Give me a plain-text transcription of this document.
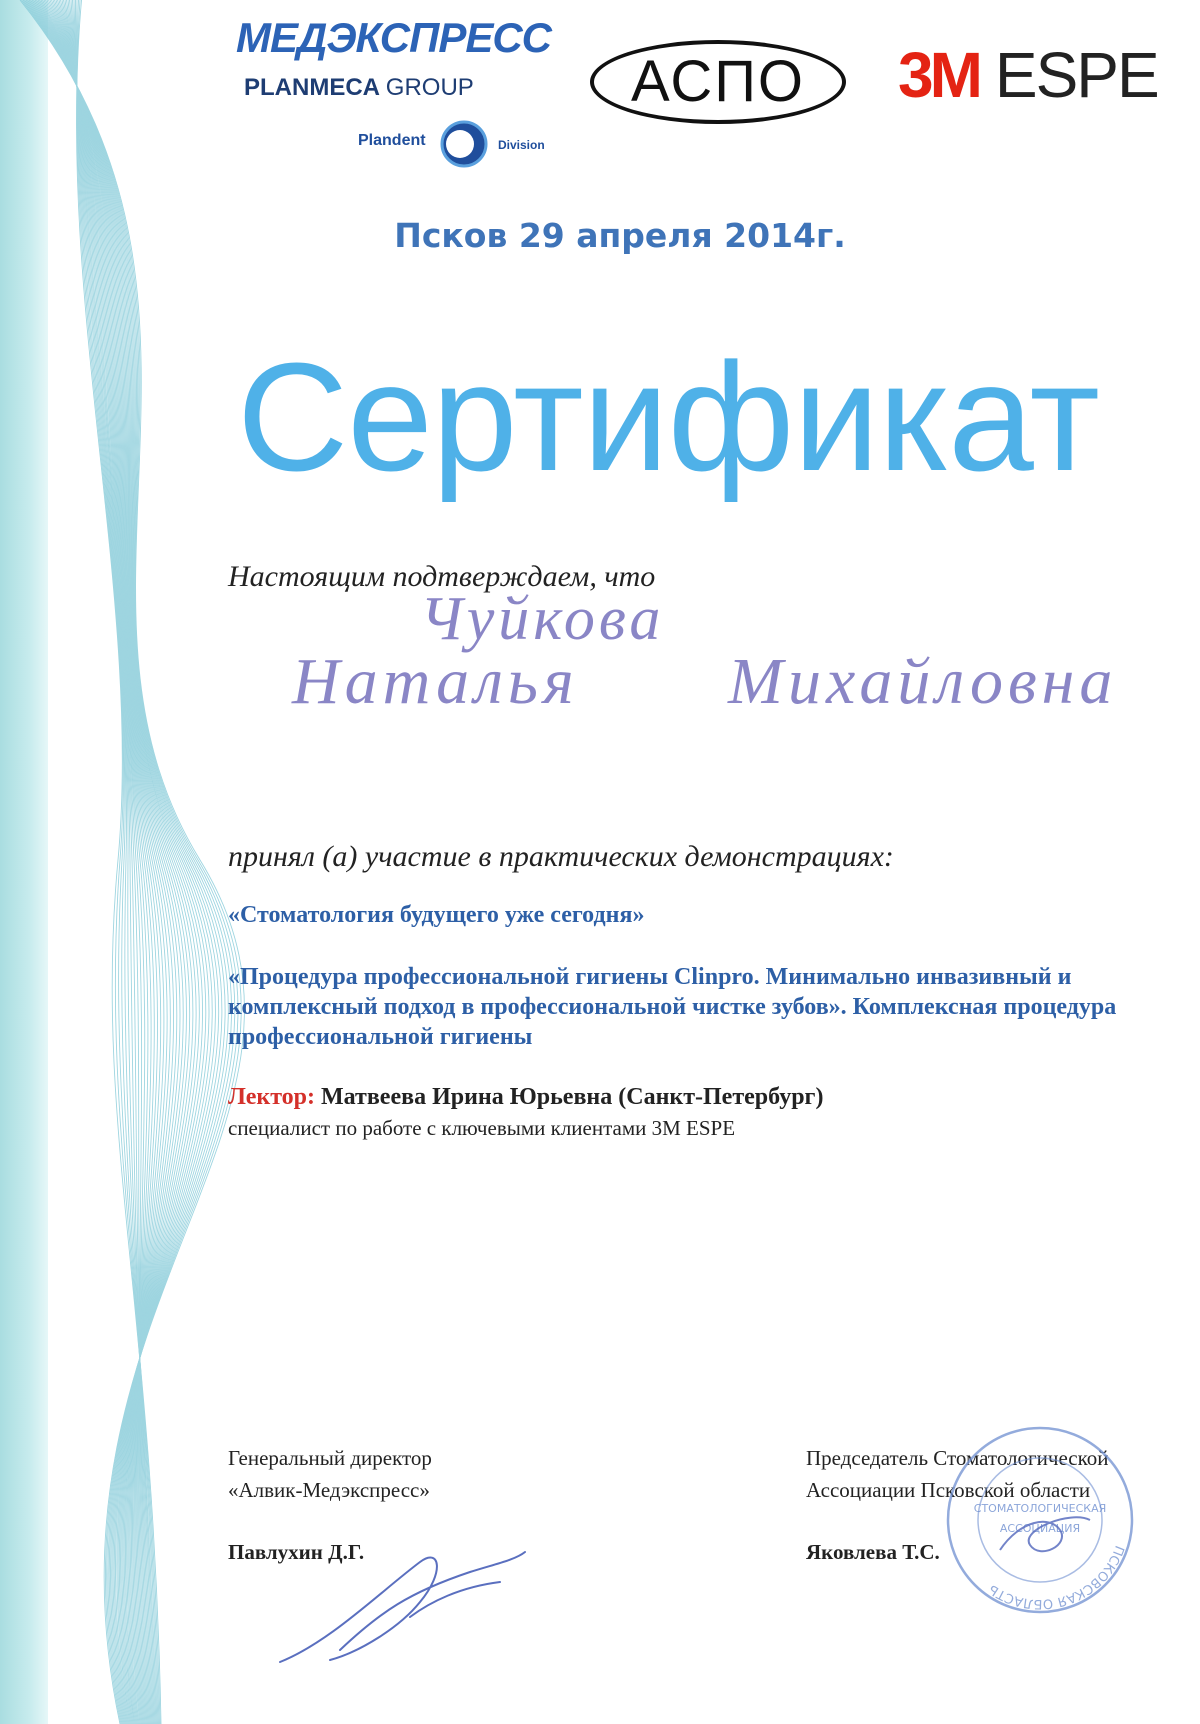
МЕДЭКСПРЕСС
PLANMECA GROUP
Plandent	Division
АСПО	3M ESPE
Псков 29 апреля 2014г.
Сертификат
Настоящим подтверждаем, что
Чуйкова
Наталья Михайловна
принял (а) участие в практических демонстрациях:
«Стоматология будущего уже сегодня»
«Процедура профессиональной гигиены Clinpro. Минимально инвазивный и комплексный подход в профессиональной чистке зубов». Комплексная процедура профессиональной гигиены
Лектор: Матвеева Ирина Юрьевна (Санкт-Петербург)
специалист по работе с ключевыми клиентами 3M ESPE
Генеральный директор
«Алвик-Медэкспресс»
Павлухин Д.Г.
Председатель Стоматологической
Ассоциации Псковской области
Яковлева Т.С.	ПСКОВСКАЯ ОБЛАСТЬ
СТОМАТОЛОГИЧЕСКАЯ
АССОЦИАЦИЯ
